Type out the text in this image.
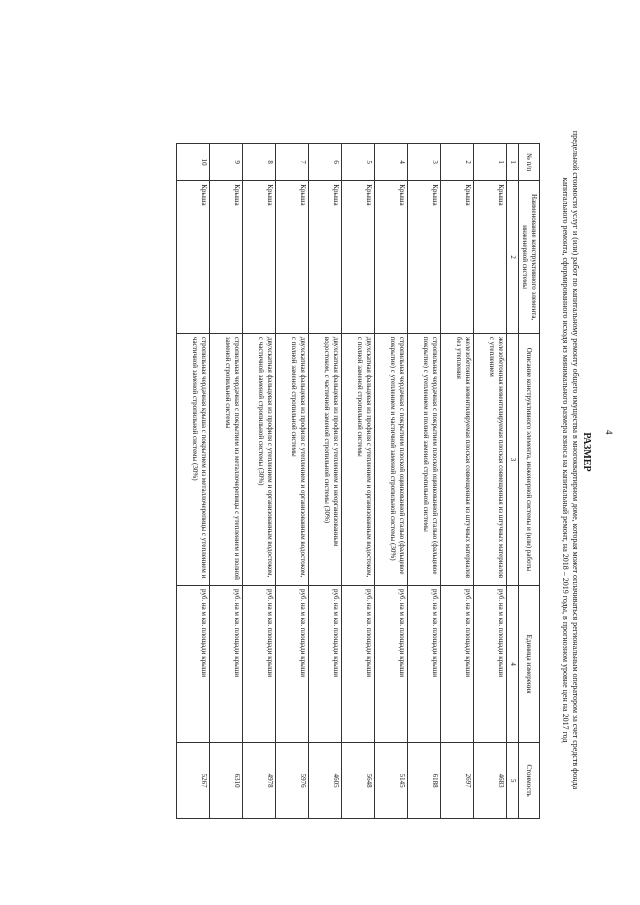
4
РАЗМЕР
предельной стоимости услуг и (или) работ по капитальному ремонту общего имущества в многоквартирном доме, которая может оплачиваться региональным оператором за счет средств фонда капитального ремонта, сформированного исходя из минимального размера взноса на капитальный ремонт, на 2018 – 2019 годы, в прогнозном уровне цен на 2017 год
№ п/п	Наименование конструктивного элемента, инженерной системы	Описание конструктивного элемента, инженерной системы и (или) работы	Единица измерения	Стоимость
1	2	3	4	5
1	Крыша	железобетонная невентилируемая плоская совмещенная из штучных материалов с утеплением	руб. на м кв. площади крыши	4683
2	Крыша	железобетонная невентилируемая плоская совмещенная из штучных материалов без утепления	руб. на м кв. площади крыши	2697
3	Крыша	стропильная чердачная с покрытием плоской оцинкованной сталью (фальцевое покрытие) с утеплением и полной заменой стропильной системы	руб. на м кв. площади крыши	6188
4	Крыша	стропильная чердачная с покрытием плоской оцинкованной сталью (фальцевое покрытие) с утеплением и частичной заменой стропильной системы (30%)	руб. на м кв. площади крыши	5145
5	Крыша	двухскатная фальцевая из профиля с утеплением и организованным водостоком, с полной заменой стропильной системы	руб. на м кв. площади крыши	5648
6	Крыша	двухскатная фальцевая из профиля с утеплением и неорганизованным водостоком, с частичной заменой стропильной системы (30%)	руб. на м кв. площади крыши	4605
7	Крыша	двухскатная фальцевая из профиля с утеплением и организованным водостоком, с полной заменой стропильной системы	руб. на м кв. площади крыши	5976
8	Крыша	двухскатная фальцевая из профиля с утеплением и организованным водостоком, с частичной заменой стропильной системы (30%)	руб. на м кв. площади крыши	4978
9	Крыша	стропильная чердачная с покрытием из металлочерепицы с утеплением и полной заменой стропильной системы	руб. на м кв. площади крыши	6310
10	Крыша	стропильная чердачная крыша с покрытием из металлочерепицы с утеплением и частичной заменой стропильной системы (30%)	руб. на м кв. площади крыши	5267
